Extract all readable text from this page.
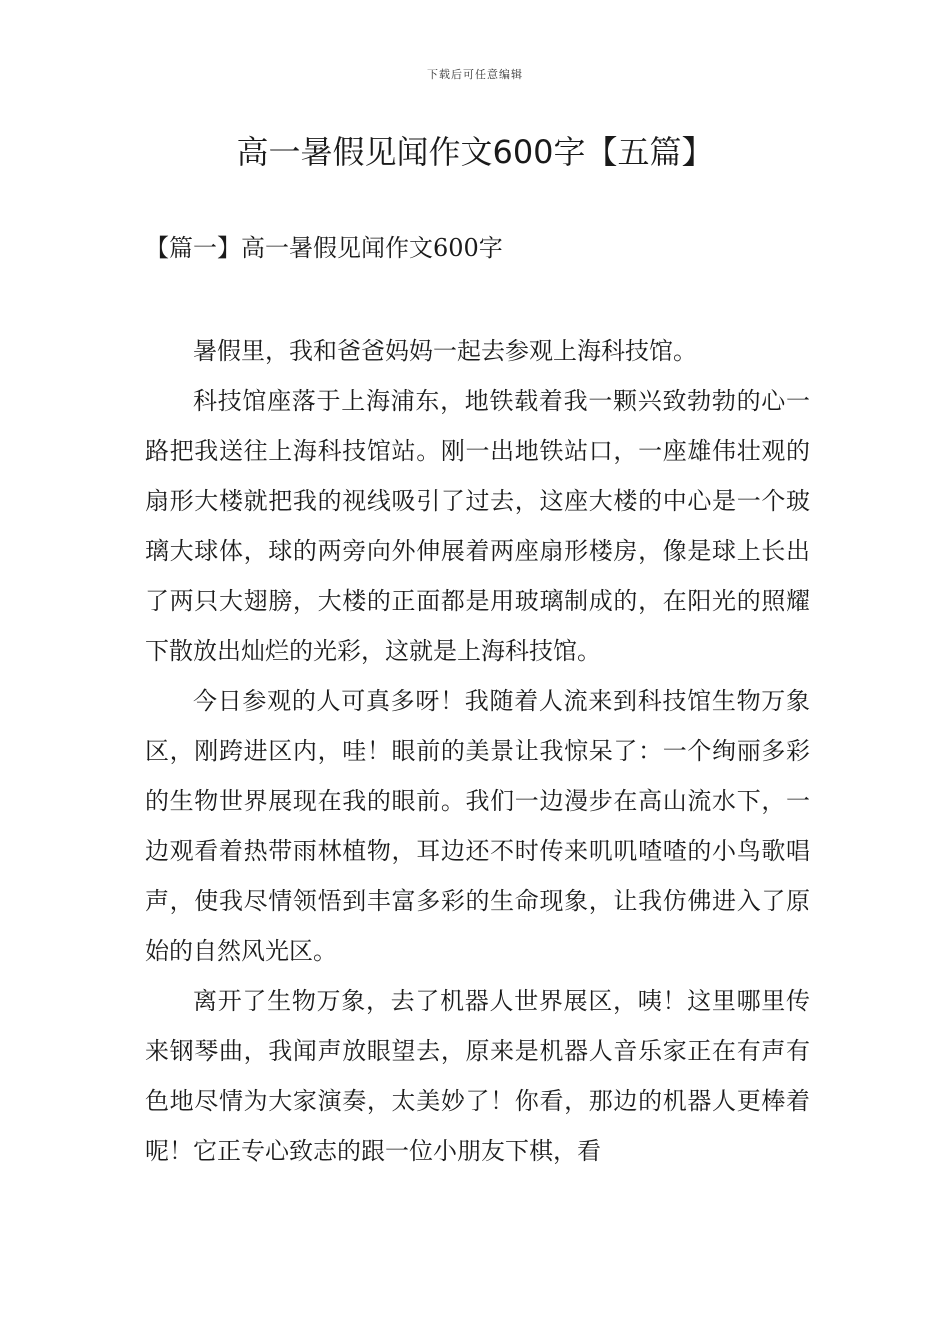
下载后可任意编辑
高一暑假见闻作文600字【五篇】
【篇一】高一暑假见闻作文600字

暑假里，我和爸爸妈妈一起去参观上海科技馆。

科技馆座落于上海浦东，地铁载着我一颗兴致勃勃的心一路把我送往上海科技馆站。刚一出地铁站口，一座雄伟壮观的扇形大楼就把我的视线吸引了过去，这座大楼的中心是一个玻璃大球体，球的两旁向外伸展着两座扇形楼房，像是球上长出了两只大翅膀，大楼的正面都是用玻璃制成的，在阳光的照耀下散放出灿烂的光彩，这就是上海科技馆。

今日参观的人可真多呀！我随着人流来到科技馆生物万象区，刚跨进区内，哇！眼前的美景让我惊呆了：一个绚丽多彩的生物世界展现在我的眼前。我们一边漫步在高山流水下，一边观看着热带雨林植物，耳边还不时传来叽叽喳喳的小鸟歌唱声，使我尽情领悟到丰富多彩的生命现象，让我仿佛进入了原始的自然风光区。

离开了生物万象，去了机器人世界展区，咦！这里哪里传来钢琴曲，我闻声放眼望去，原来是机器人音乐家正在有声有色地尽情为大家演奏，太美妙了！你看，那边的机器人更棒着呢！它正专心致志的跟一位小朋友下棋，看
